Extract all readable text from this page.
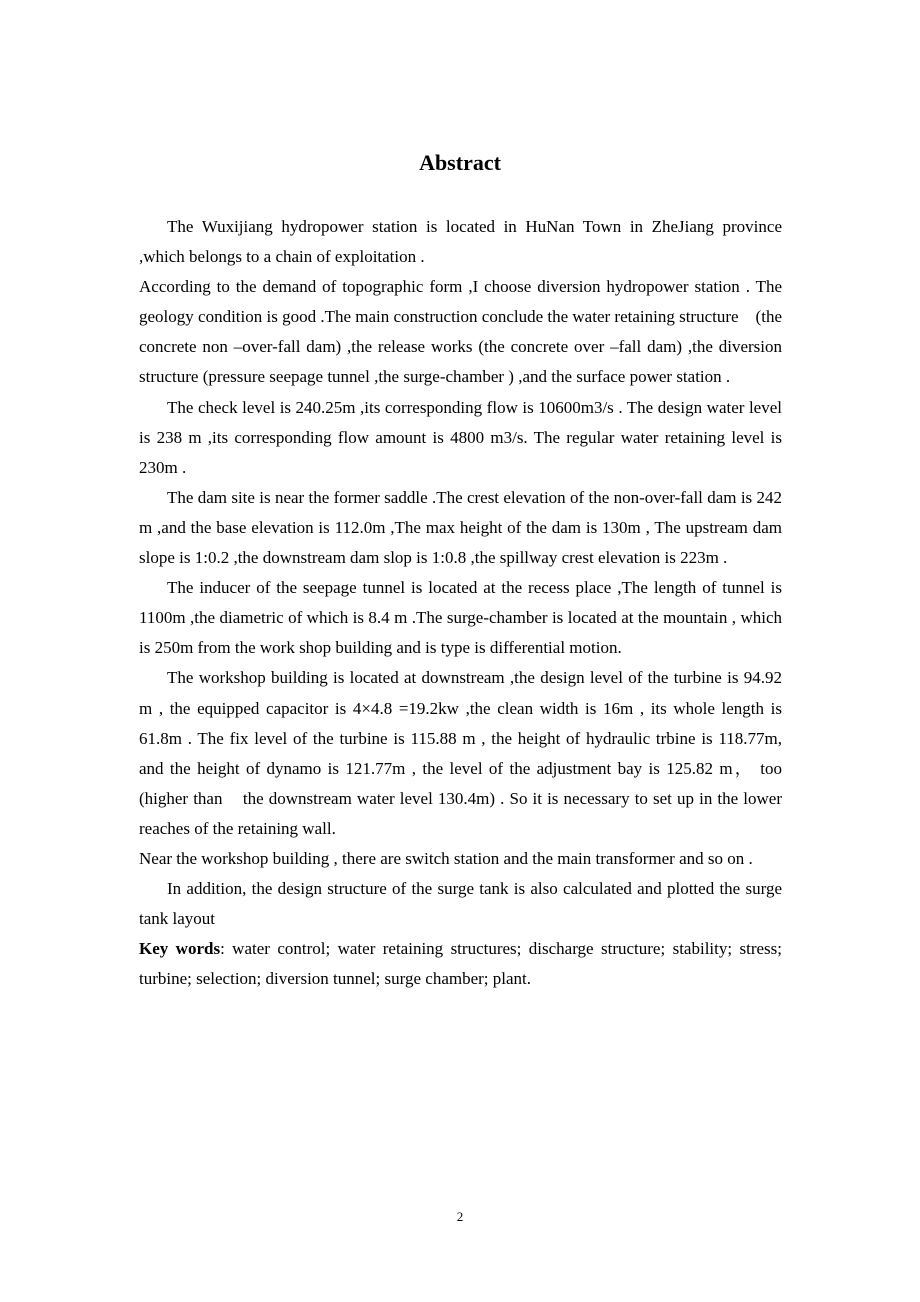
Abstract

The Wuxijiang hydropower station is located in HuNan Town in ZheJiang province ,which belongs to a chain of exploitation .

According to the demand of topographic form ,I choose diversion hydropower station . The geology condition is good .The main construction conclude the water retaining structure    (the concrete non –over-fall dam) ,the release works (the concrete over –fall dam) ,the diversion structure (pressure seepage tunnel ,the surge-chamber ) ,and the surface power station .

The check level is 240.25m ,its corresponding flow is 10600m3/s . The design water level is 238 m ,its corresponding flow amount is 4800 m3/s. The regular water retaining level is 230m .

The dam site is near the former saddle .The crest elevation of the non-over-fall dam is 242 m ,and the base elevation is 112.0m ,The max height of the dam is 130m , The upstream dam slope is 1:0.2 ,the downstream dam slop is 1:0.8 ,the spillway crest elevation is 223m .

The inducer of the seepage tunnel is located at the recess place ,The length of tunnel is 1100m ,the diametric of which is 8.4 m .The surge-chamber is located at the mountain , which is 250m from the work shop building and is type is differential motion.

The workshop building is located at downstream ,the design level of the turbine is 94.92 m , the equipped capacitor is 4×4.8 =19.2kw ,the clean width is 16m , its whole length is 61.8m . The fix level of the turbine is 115.88 m , the height of hydraulic trbine is 118.77m, and the height of dynamo is 121.77m , the level of the adjustment bay is 125.82 m， too (higher than    the downstream water level 130.4m) . So it is necessary to set up in the lower reaches of the retaining wall.

Near the workshop building , there are switch station and the main transformer and so on .

In addition, the design structure of the surge tank is also calculated and plotted the surge tank layout

Key words: water control; water retaining structures; discharge structure; stability; stress; turbine; selection; diversion tunnel; surge chamber; plant.

2
